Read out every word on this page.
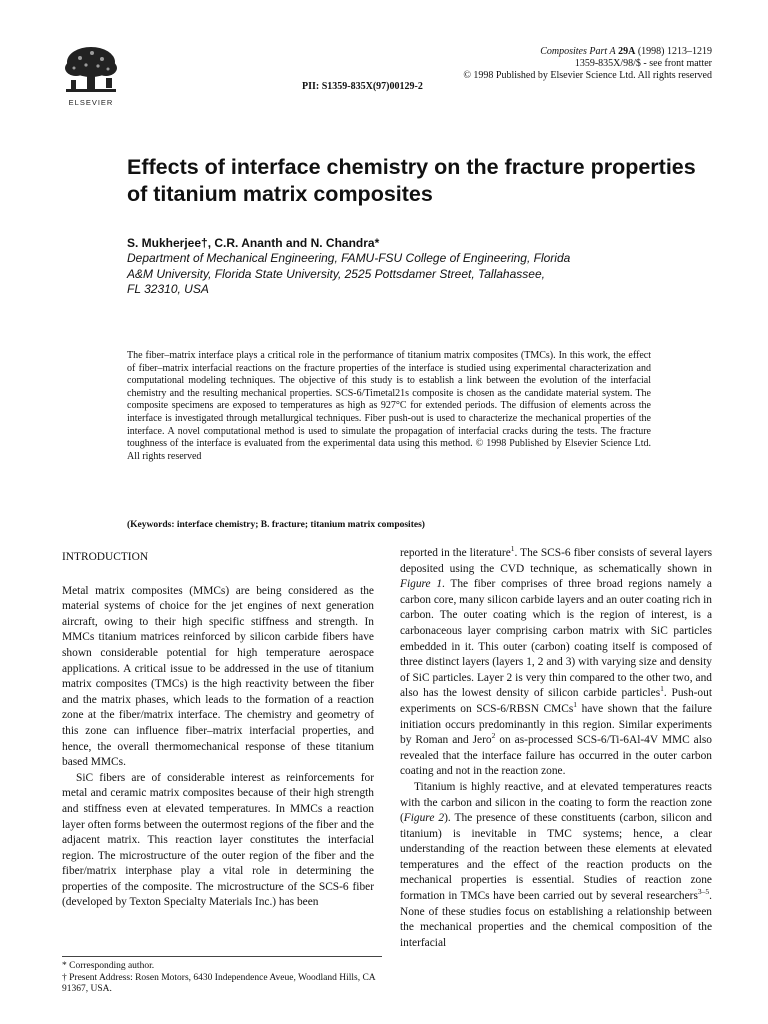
ELSEVIER
PII: S1359-835X(97)00129-2
Composites Part A 29A (1998) 1213–1219
1359-835X/98/$ - see front matter
© 1998 Published by Elsevier Science Ltd. All rights reserved
Effects of interface chemistry on the fracture properties of titanium matrix composites
S. Mukherjee†, C.R. Ananth and N. Chandra*
Department of Mechanical Engineering, FAMU-FSU College of Engineering, Florida
A&M University, Florida State University, 2525 Pottsdamer Street, Tallahassee,
FL 32310, USA

The fiber–matrix interface plays a critical role in the performance of titanium matrix composites (TMCs). In this work, the effect of fiber–matrix interfacial reactions on the fracture properties of the interface is studied using experimental characterization and computational modeling techniques. The objective of this study is to establish a link between the evolution of the interfacial chemistry and the resulting mechanical properties. SCS-6/Timetal21s composite is chosen as the candidate material system. The composite specimens are exposed to temperatures as high as 927°C for extended periods. The diffusion of elements across the interface is investigated through metallurgical techniques. Fiber push-out is used to characterize the mechanical properties of the interface. A novel computational method is used to simulate the propagation of interfacial cracks during the tests. The fracture toughness of the interface is evaluated from the experimental data using this method. © 1998 Published by Elsevier Science Ltd. All rights reserved

(Keywords: interface chemistry; B. fracture; titanium matrix composites)
INTRODUCTION

Metal matrix composites (MMCs) are being considered as the material systems of choice for the jet engines of next generation aircraft, owing to their high specific stiffness and strength. In MMCs titanium matrices reinforced by silicon carbide fibers have shown considerable potential for high temperature aerospace applications. A critical issue to be addressed in the use of titanium matrix composites (TMCs) is the high reactivity between the fiber and the matrix phases, which leads to the formation of a reaction zone at the fiber/matrix interface. The chemistry and geometry of this zone can influence fiber–matrix interfacial properties, and hence, the overall thermomechanical response of these titanium based MMCs.

SiC fibers are of considerable interest as reinforcements for metal and ceramic matrix composites because of their high strength and stiffness even at elevated temperatures. In MMCs a reaction layer often forms between the outermost regions of the fiber and the adjacent matrix. This reaction layer constitutes the interfacial region. The microstructure of the outer region of the fiber and the fiber/matrix interphase play a vital role in determining the properties of the composite. The microstructure of the SCS-6 fiber (developed by Texton Specialty Materials Inc.) has been

reported in the literature$^1$. The SCS-6 fiber consists of several layers deposited using the CVD technique, as schematically shown in Figure 1. The fiber comprises of three broad regions namely a carbon core, many silicon carbide layers and an outer coating rich in carbon. The outer coating which is the region of interest, is a carbonaceous layer comprising carbon matrix with SiC particles embedded in it. This outer (carbon) coating itself is composed of three distinct layers (layers 1, 2 and 3) with varying size and density of SiC particles. Layer 2 is very thin compared to the other two, and also has the lowest density of silicon carbide particles$^1$. Push-out experiments on SCS-6/RBSN CMCs$^1$ have shown that the failure initiation occurs predominantly in this region. Similar experiments by Roman and Jero$^2$ on as-processed SCS-6/Ti-6Al-4V MMC also revealed that the interface failure has occurred in the outer carbon coating and not in the reaction zone.

Titanium is highly reactive, and at elevated temperatures reacts with the carbon and silicon in the coating to form the reaction zone (Figure 2). The presence of these constituents (carbon, silicon and titanium) is inevitable in TMC systems; hence, a clear understanding of the reaction between these elements at elevated temperatures and the effect of the reaction products on the mechanical properties is essential. Studies of reaction zone formation in TMCs have been carried out by several researchers$^{3-5}$. None of these studies focus on establishing a relationship between the mechanical properties and the chemical composition of the interfacial

* Corresponding author.
† Present Address: Rosen Motors, 6430 Independence Aveue, Woodland Hills, CA 91367, USA.
